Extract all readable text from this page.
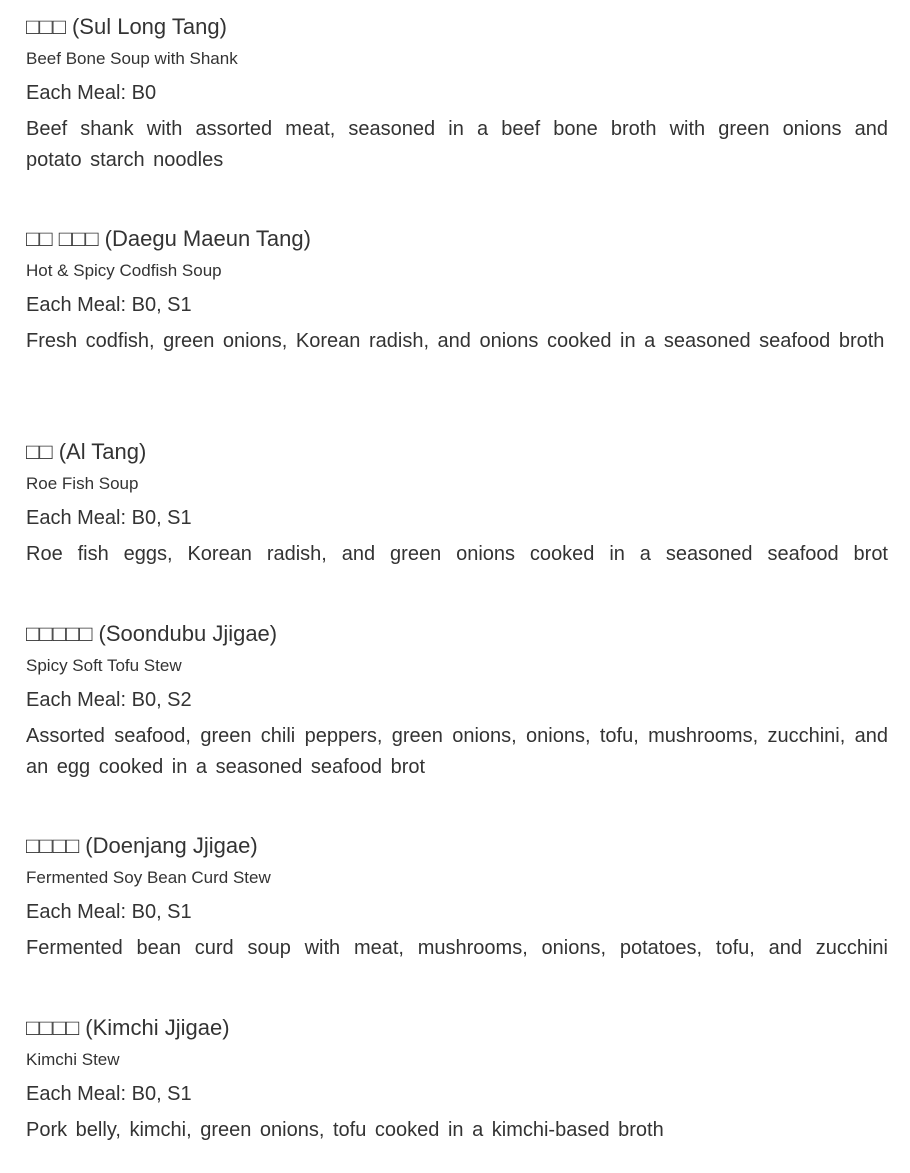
□□□ (Sul Long Tang)
Beef Bone Soup with Shank
Each Meal: B0
Beef shank with assorted meat, seasoned in a beef bone broth with green onions and potato starch noodles
□□ □□□ (Daegu Maeun Tang)
Hot & Spicy Codfish Soup
Each Meal: B0, S1
Fresh codfish, green onions, Korean radish, and onions cooked in a seasoned seafood broth
□□ (Al Tang)
Roe Fish Soup
Each Meal: B0, S1
Roe fish eggs, Korean radish, and green onions cooked in a seasoned seafood brot
□□□□□ (Soondubu Jjigae)
Spicy Soft Tofu Stew
Each Meal: B0, S2
Assorted seafood, green chili peppers, green onions, onions, tofu, mushrooms, zucchini, and an egg cooked in a seasoned seafood brot
□□□□ (Doenjang Jjigae)
Fermented Soy Bean Curd Stew
Each Meal: B0, S1
Fermented bean curd soup with meat, mushrooms, onions, potatoes, tofu, and zucchini
□□□□ (Kimchi Jjigae)
Kimchi Stew
Each Meal: B0, S1
Pork belly, kimchi, green onions, tofu cooked in a kimchi-based broth
